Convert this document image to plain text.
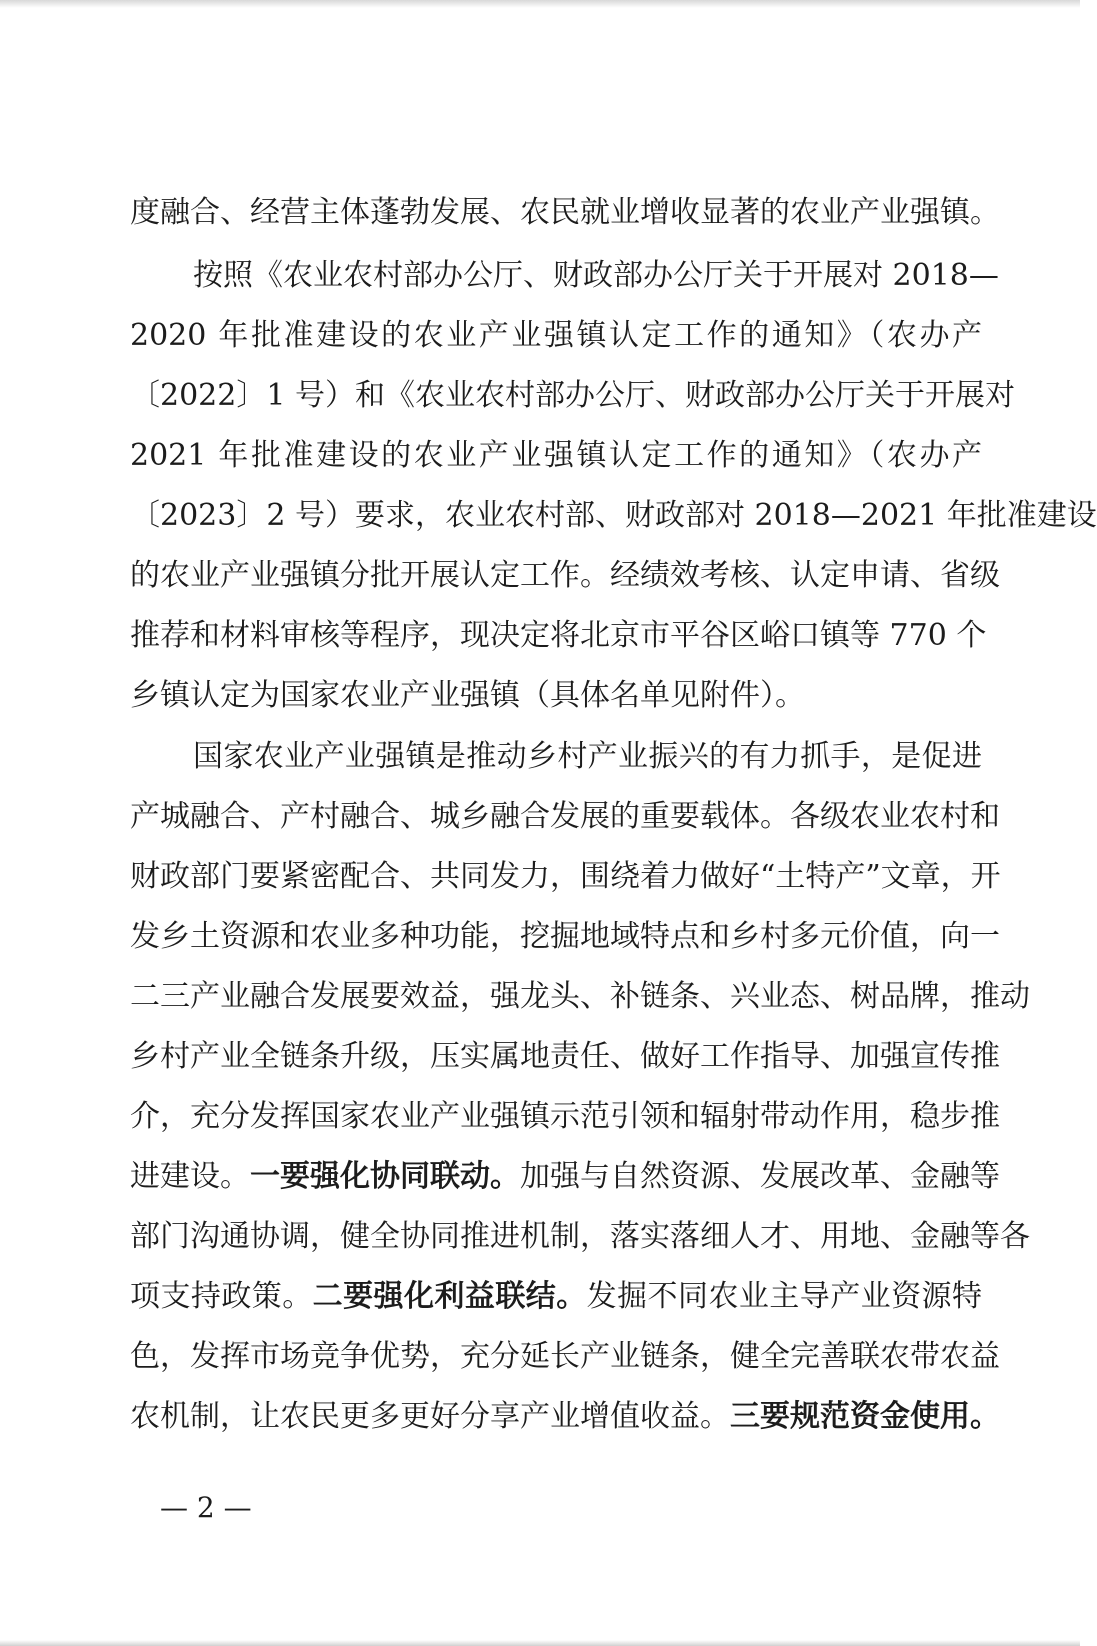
度融合、经营主体蓬勃发展、农民就业增收显著的农业产业强镇。
按照《农业农村部办公厅、财政部办公厅关于开展对 2018—
2020 年批准建设的农业产业强镇认定工作的通知》（农办产
〔2022〕1 号）和《农业农村部办公厅、财政部办公厅关于开展对
2021 年批准建设的农业产业强镇认定工作的通知》（农办产
〔2023〕2 号）要求，农业农村部、财政部对 2018—2021 年批准建设
的农业产业强镇分批开展认定工作。经绩效考核、认定申请、省级
推荐和材料审核等程序，现决定将北京市平谷区峪口镇等 770 个
乡镇认定为国家农业产业强镇（具体名单见附件）。
国家农业产业强镇是推动乡村产业振兴的有力抓手，是促进
产城融合、产村融合、城乡融合发展的重要载体。各级农业农村和
财政部门要紧密配合、共同发力，围绕着力做好“土特产”文章，开
发乡土资源和农业多种功能，挖掘地域特点和乡村多元价值，向一
二三产业融合发展要效益，强龙头、补链条、兴业态、树品牌，推动
乡村产业全链条升级，压实属地责任、做好工作指导、加强宣传推
介，充分发挥国家农业产业强镇示范引领和辐射带动作用，稳步推
进建设。一要强化协同联动。加强与自然资源、发展改革、金融等
部门沟通协调，健全协同推进机制，落实落细人才、用地、金融等各
项支持政策。二要强化利益联结。发掘不同农业主导产业资源特
色，发挥市场竞争优势，充分延长产业链条，健全完善联农带农益
农机制，让农民更多更好分享产业增值收益。三要规范资金使用。
— 2 —
